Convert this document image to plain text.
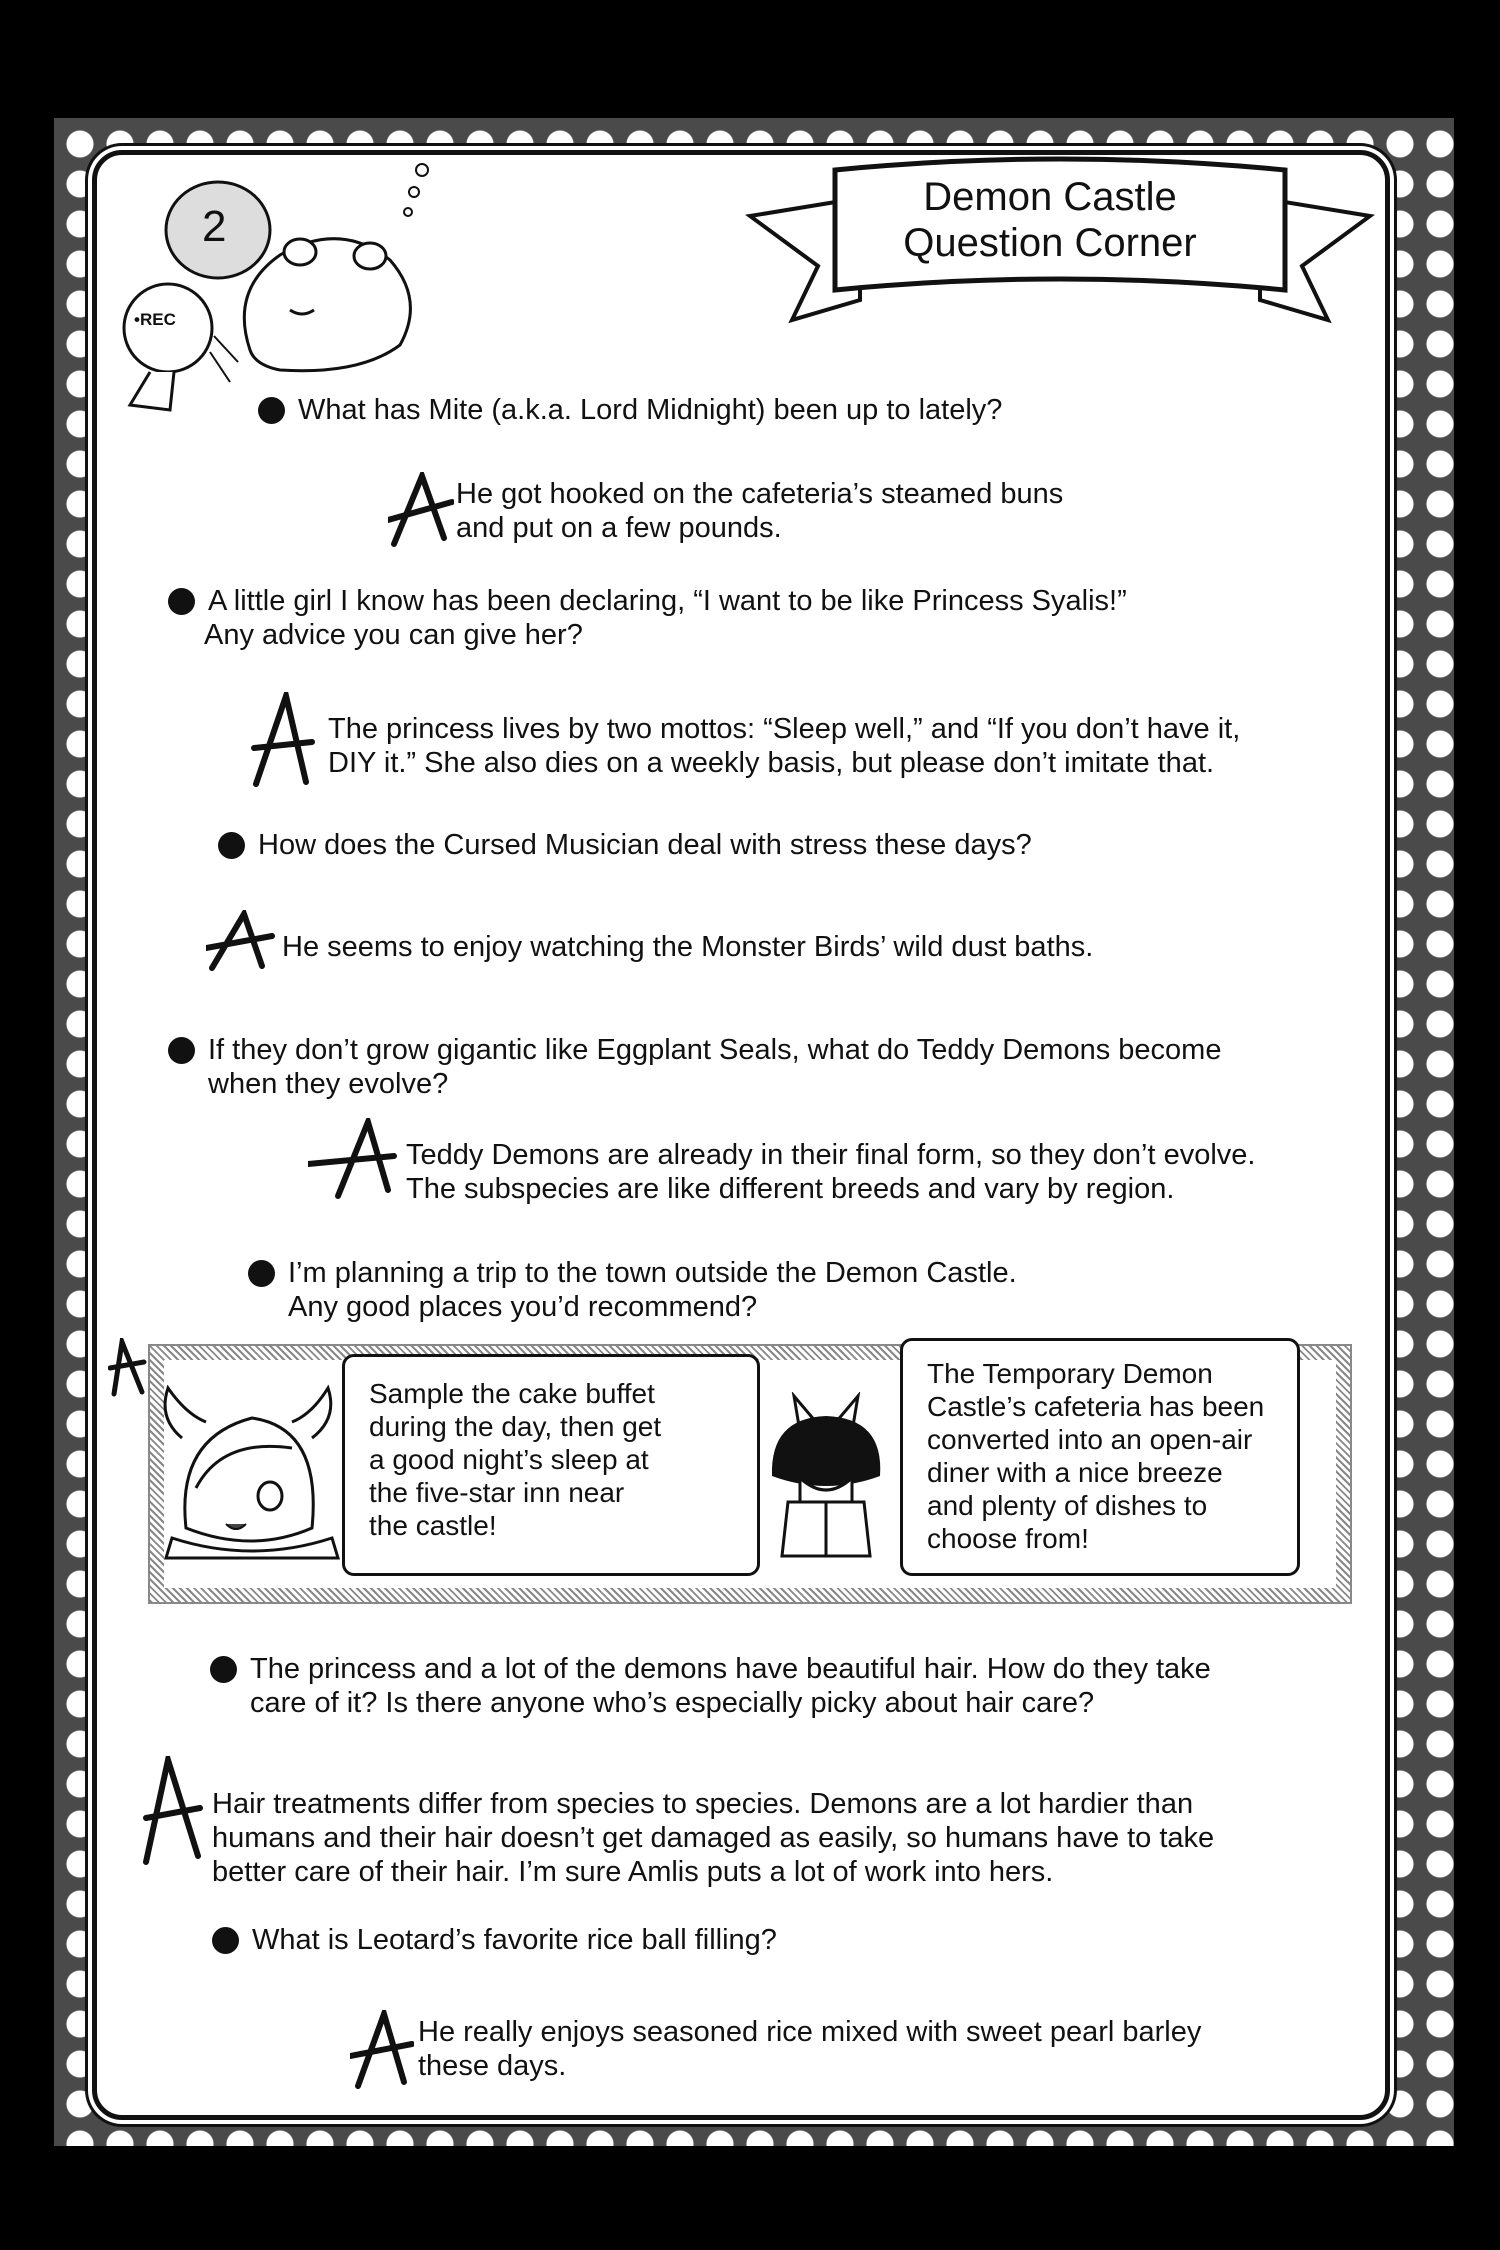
Demon Castle
Question Corner
2
•REC
What has Mite (a.k.a. Lord Midnight) been up to lately?
He got hooked on the cafeteria’s steamed buns
and put on a few pounds.
A little girl I know has been declaring, “I want to be like Princess Syalis!”
Any advice you can give her?
The princess lives by two mottos: “Sleep well,” and “If you don’t have it,
DIY it.” She also dies on a weekly basis, but please don’t imitate that.
How does the Cursed Musician deal with stress these days?
He seems to enjoy watching the Monster Birds’ wild dust baths.
If they don’t grow gigantic like Eggplant Seals, what do Teddy Demons become
when they evolve?
Teddy Demons are already in their final form, so they don’t evolve.
The subspecies are like different breeds and vary by region.
I’m planning a trip to the town outside the Demon Castle.
Any good places you’d recommend?
Sample the cake buffet
during the day, then get
a good night’s sleep at
the five-star inn near
the castle!
The Temporary Demon
Castle’s cafeteria has been
converted into an open-air
diner with a nice breeze
and plenty of dishes to
choose from!
The princess and a lot of the demons have beautiful hair. How do they take
care of it? Is there anyone who’s especially picky about hair care?
Hair treatments differ from species to species. Demons are a lot hardier than
humans and their hair doesn’t get damaged as easily, so humans have to take
better care of their hair. I’m sure Amlis puts a lot of work into hers.
What is Leotard’s favorite rice ball filling?
He really enjoys seasoned rice mixed with sweet pearl barley
these days.
